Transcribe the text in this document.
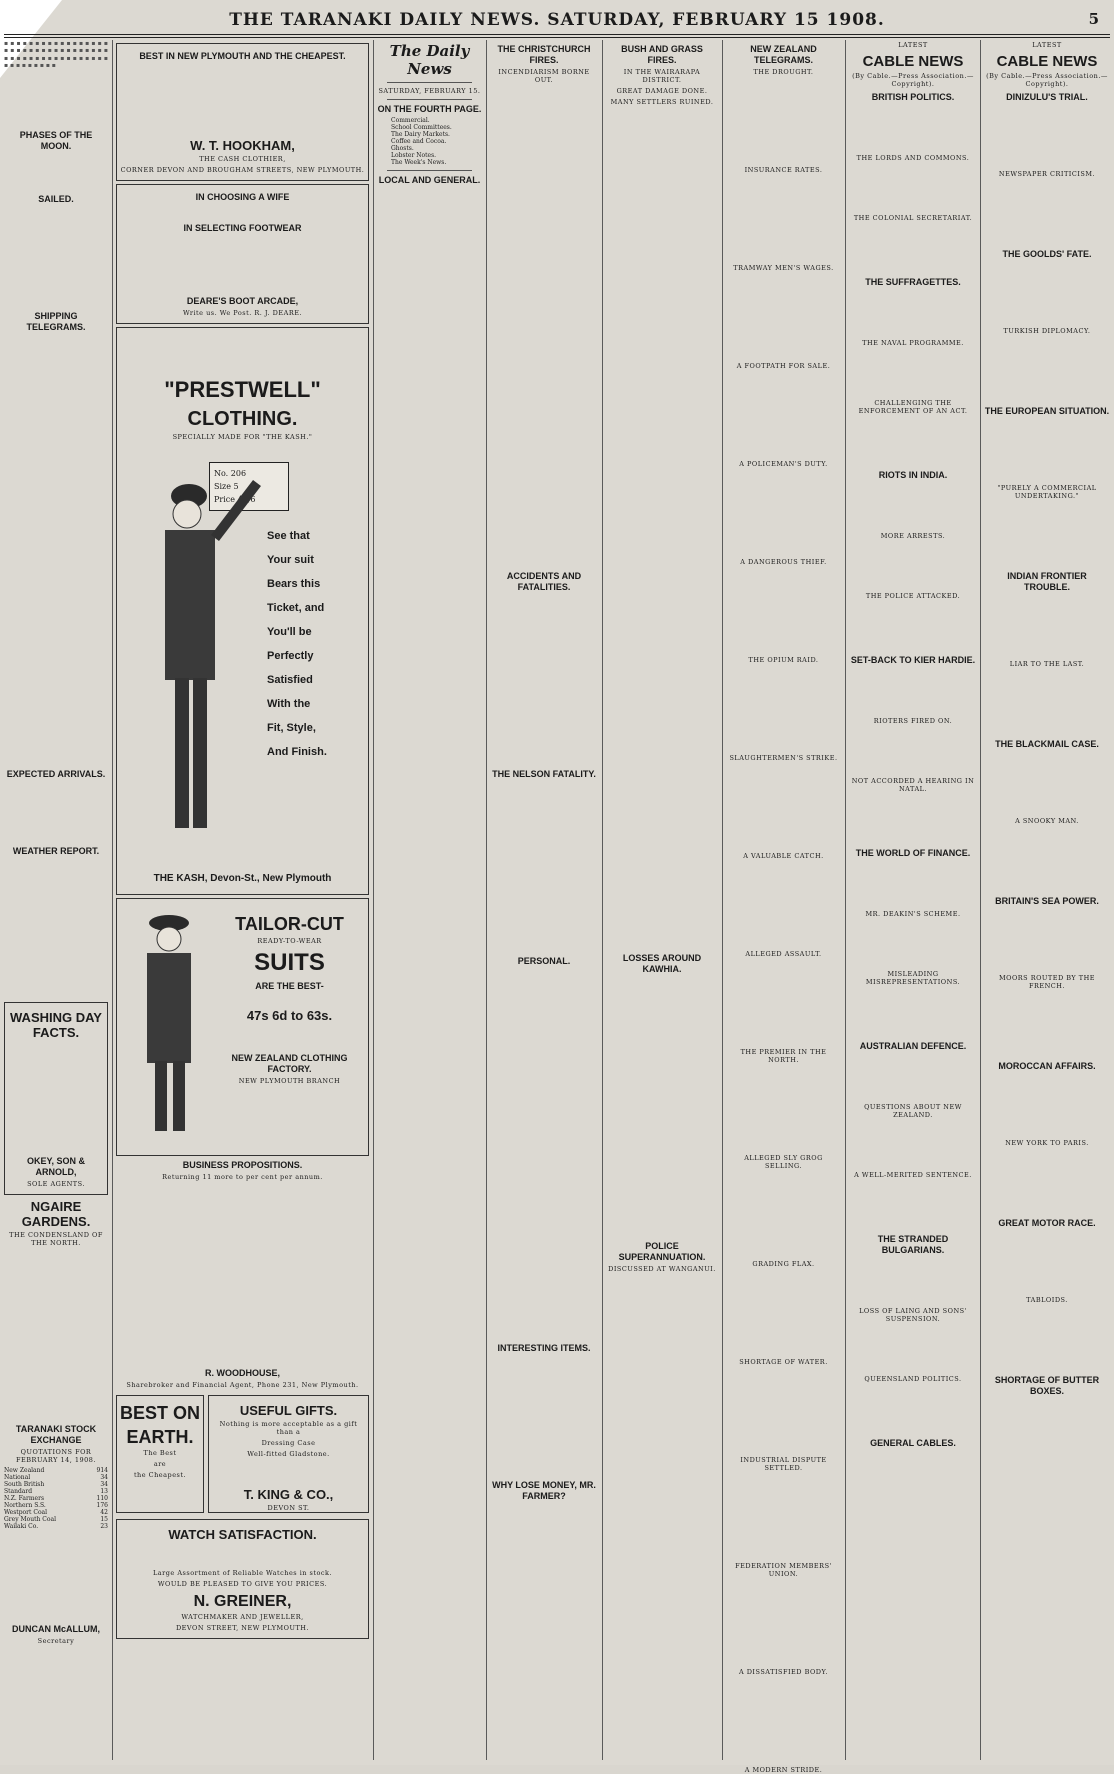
THE TARANAKI DAILY NEWS. SATURDAY, FEBRUARY 15 1908.	5
▪ ▪ ▪ ▪ ▪ ▪ ▪ ▪ ▪ ▪ ▪ ▪ ▪ ▪ ▪ ▪ ▪ ▪ ▪ ▪ ▪ ▪ ▪ ▪ ▪ ▪ ▪ ▪ ▪ ▪ ▪ ▪ ▪ ▪ ▪ ▪ ▪ ▪ ▪ ▪ ▪ ▪ ▪ ▪ ▪ ▪ ▪ ▪ ▪ ▪ ▪ ▪ ▪ ▪ ▪ ▪ ▪ ▪ ▪ ▪
PHASES OF THE MOON.
SAILED.
SHIPPING TELEGRAMS.
EXPECTED ARRIVALS.
WEATHER REPORT.
WASHING DAY FACTS.
OKEY, SON & ARNOLD,
SOLE AGENTS.
NGAIRE GARDENS.
THE CONDENSLAND OF THE NORTH.
TARANAKI STOCK EXCHANGE
QUOTATIONS FOR FEBRUARY 14, 1908.
New Zealand	9 14
National	3 4
South British	3 4
Standard	1 3
N.Z. Farmers	1 10
Northern S.S.	17 6
Westport Coal	4 2
Grey Mouth Coal	1 5
Wailaki Co.	2 3
DUNCAN McALLUM,
Secretary
BEST IN NEW PLYMOUTH AND THE CHEAPEST.
W. T. HOOKHAM,
THE CASH CLOTHIER,
CORNER DEVON AND BROUGHAM STREETS, NEW PLYMOUTH.
IN CHOOSING A WIFE
IN SELECTING FOOTWEAR
DEARE'S BOOT ARCADE,
Write us. We Post. R. J. DEARE.
"PRESTWELL"
CLOTHING.
SPECIALLY MADE FOR "THE KASH."
No. 206
Size 5
Price 42/6
See that
Your suit
Bears this
Ticket, and
You'll be
Perfectly
Satisfied
With the
Fit, Style,
And Finish.
THE KASH, Devon-St., New Plymouth
TAILOR-CUT
READY-TO-WEAR
SUITS
ARE THE BEST-
47s 6d to 63s.
NEW ZEALAND CLOTHING FACTORY.
NEW PLYMOUTH BRANCH
BUSINESS PROPOSITIONS.
Returning 11 more to per cent per annum.
R. WOODHOUSE,
Sharebroker and Financial Agent, Phone 231, New Plymouth.
BEST ON
EARTH.
The Best
are
the Cheapest.
USEFUL GIFTS.
Nothing is more acceptable as a gift than a
Dressing Case
Well-fitted Gladstone.
T. KING & CO.,
DEVON ST.
WATCH SATISFACTION.
Large Assortment of Reliable Watches in stock.
WOULD BE PLEASED TO GIVE YOU PRICES.
N. GREINER,
WATCHMAKER AND JEWELLER,
DEVON STREET, NEW PLYMOUTH.
The Daily News
SATURDAY, FEBRUARY 15.
ON THE FOURTH PAGE.
Commercial.
School Committees.
The Dairy Markets.
Coffee and Cocoa.
Ghosts.
Lobster Notes.
The Week's News.
LOCAL AND GENERAL.
THE CHRISTCHURCH FIRES.
INCENDIARISM BORNE OUT.
ACCIDENTS AND FATALITIES.
THE NELSON FATALITY.
PERSONAL.
INTERESTING ITEMS.
WHY LOSE MONEY, MR. FARMER?
BUSH AND GRASS FIRES.
IN THE WAIRARAPA DISTRICT.
GREAT DAMAGE DONE.
MANY SETTLERS RUINED.
LOSSES AROUND KAWHIA.
POLICE SUPERANNUATION.
DISCUSSED AT WANGANUI.
NEW ZEALAND TELEGRAMS.
THE DROUGHT.
INSURANCE RATES.
TRAMWAY MEN'S WAGES.
A FOOTPATH FOR SALE.
A POLICEMAN'S DUTY.
A DANGEROUS THIEF.
THE OPIUM RAID.
SLAUGHTERMEN'S STRIKE.
A VALUABLE CATCH.
ALLEGED ASSAULT.
THE PREMIER IN THE NORTH.
ALLEGED SLY GROG SELLING.
GRADING FLAX.
SHORTAGE OF WATER.
INDUSTRIAL DISPUTE SETTLED.
FEDERATION MEMBERS' UNION.
A DISSATISFIED BODY.
A MODERN STRIDE.
LATEST
CABLE NEWS
(By Cable.—Press Association.—Copyright).
BRITISH POLITICS.
THE LORDS AND COMMONS.
THE COLONIAL SECRETARIAT.
THE SUFFRAGETTES.
THE NAVAL PROGRAMME.
CHALLENGING THE ENFORCEMENT OF AN ACT.
RIOTS IN INDIA.
MORE ARRESTS.
THE POLICE ATTACKED.
SET-BACK TO KIER HARDIE.
RIOTERS FIRED ON.
NOT ACCORDED A HEARING IN NATAL.
THE WORLD OF FINANCE.
MR. DEAKIN'S SCHEME.
MISLEADING MISREPRESENTATIONS.
AUSTRALIAN DEFENCE.
QUESTIONS ABOUT NEW ZEALAND.
A WELL-MERITED SENTENCE.
THE STRANDED BULGARIANS.
LOSS OF LAING AND SONS' SUSPENSION.
QUEENSLAND POLITICS.
GENERAL CABLES.
LATEST
CABLE NEWS
(By Cable.—Press Association.—Copyright).
DINIZULU'S TRIAL.
NEWSPAPER CRITICISM.
THE GOOLDS' FATE.
TURKISH DIPLOMACY.
THE EUROPEAN SITUATION.
"PURELY A COMMERCIAL UNDERTAKING."
INDIAN FRONTIER TROUBLE.
LIAR TO THE LAST.
THE BLACKMAIL CASE.
A SNOOKY MAN.
BRITAIN'S SEA POWER.
MOORS ROUTED BY THE FRENCH.
MOROCCAN AFFAIRS.
NEW YORK TO PARIS.
GREAT MOTOR RACE.
TABLOIDS.
SHORTAGE OF BUTTER BOXES.
